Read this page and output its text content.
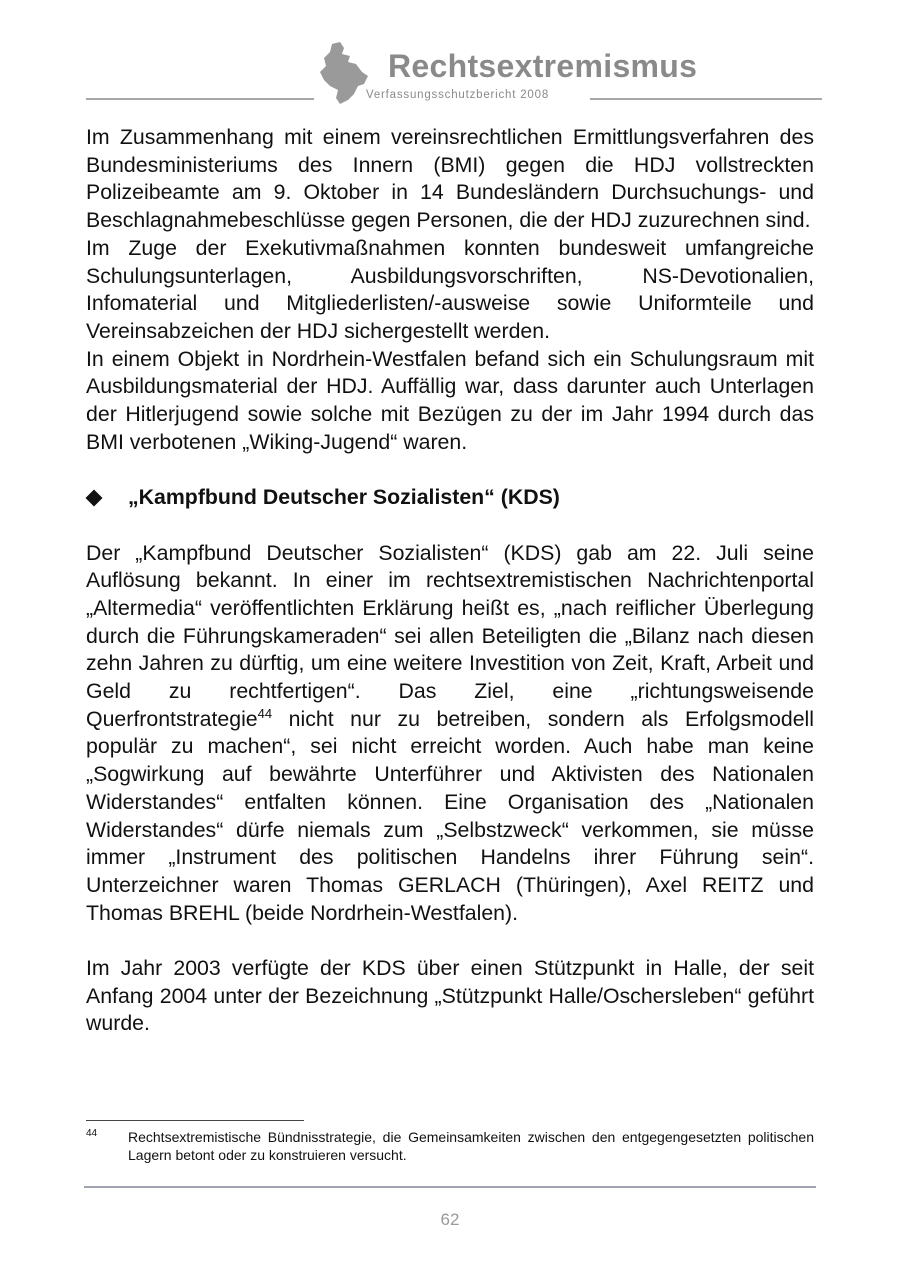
Rechtsextremismus
Verfassungsschutzbericht 2008

Im Zusammenhang mit einem vereinsrechtlichen Ermittlungsverfahren des Bundesministeriums des Innern (BMI) gegen die HDJ vollstreckten Polizeibeamte am 9. Oktober in 14 Bundesländern Durchsuchungs- und Beschlagnahmebeschlüsse gegen Personen, die der HDJ zuzurechnen sind.

Im Zuge der Exekutivmaßnahmen konnten bundesweit umfangreiche Schulungsunterlagen, Ausbildungsvorschriften, NS-Devotionalien, Infomaterial und Mitgliederlisten/-ausweise sowie Uniformteile und Vereinsabzeichen der HDJ sichergestellt werden.

In einem Objekt in Nordrhein-Westfalen befand sich ein Schulungsraum mit Ausbildungsmaterial der HDJ. Auffällig war, dass darunter auch Unterlagen der Hitlerjugend sowie solche mit Bezügen zu der im Jahr 1994 durch das BMI verbotenen „Wiking-Jugend“ waren.

„Kampfbund Deutscher Sozialisten“ (KDS)

Der „Kampfbund Deutscher Sozialisten“ (KDS) gab am 22. Juli seine Auflösung bekannt. In einer im rechtsextremistischen Nachrichtenportal „Altermedia“ veröffentlichten Erklärung heißt es, „nach reiflicher Überlegung durch die Führungskameraden“ sei allen Beteiligten die „Bilanz nach diesen zehn Jahren zu dürftig, um eine weitere Investition von Zeit, Kraft, Arbeit und Geld zu rechtfertigen“. Das Ziel, eine „richtungsweisende Querfrontstrategie$^{44}$ nicht nur zu betreiben, sondern als Erfolgsmodell populär zu machen“, sei nicht erreicht worden. Auch habe man keine „Sogwirkung auf bewährte Unterführer und Aktivisten des Nationalen Widerstandes“ entfalten können. Eine Organisation des „Nationalen Widerstandes“ dürfe niemals zum „Selbstzweck“ verkommen, sie müsse immer „Instrument des politischen Handelns ihrer Führung sein“. Unterzeichner waren Thomas GERLACH (Thüringen), Axel REITZ und Thomas BREHL (beide Nordrhein-Westfalen).

Im Jahr 2003 verfügte der KDS über einen Stützpunkt in Halle, der seit Anfang 2004 unter der Bezeichnung „Stützpunkt Halle/Oschersleben“ geführt wurde.

44 Rechtsextremistische Bündnisstrategie, die Gemeinsamkeiten zwischen den entgegengesetzten politischen Lagern betont oder zu konstruieren versucht.
62
